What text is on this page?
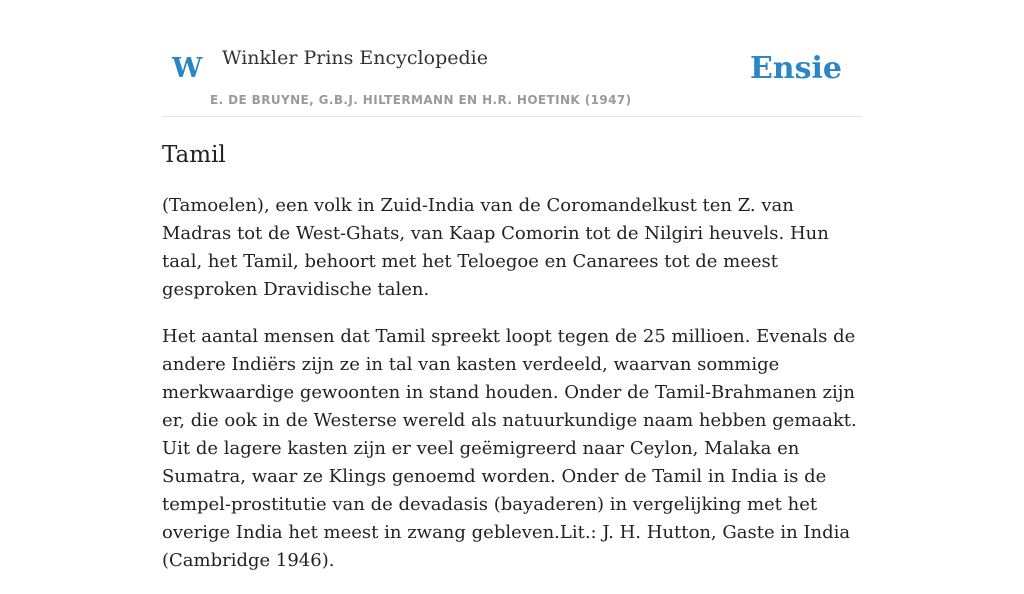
W Winkler Prins Encyclopedie
E. DE BRUYNE, G.B.J. HILTERMANN EN H.R. HOETINK (1947)
Ensie
Tamil

(Tamoelen), een volk in Zuid-India van de Coromandelkust ten Z. van Madras tot de West-Ghats, van Kaap Comorin tot de Nilgiri heuvels. Hun taal, het Tamil, behoort met het Teloegoe en Canarees tot de meest gesproken Dravidische talen.

Het aantal mensen dat Tamil spreekt loopt tegen de 25 millioen. Evenals de andere Indiërs zijn ze in tal van kasten verdeeld, waarvan sommige merkwaardige gewoonten in stand houden. Onder de Tamil-Brahmanen zijn er, die ook in de Westerse wereld als natuurkundige naam hebben gemaakt. Uit de lagere kasten zijn er veel geëmigreerd naar Ceylon, Malaka en Sumatra, waar ze Klings genoemd worden. Onder de Tamil in India is de tempel-prostitutie van de devadasis (bayaderen) in vergelijking met het overige India het meest in zwang gebleven.Lit.: J. H. Hutton, Gaste in India (Cambridge 1946).
